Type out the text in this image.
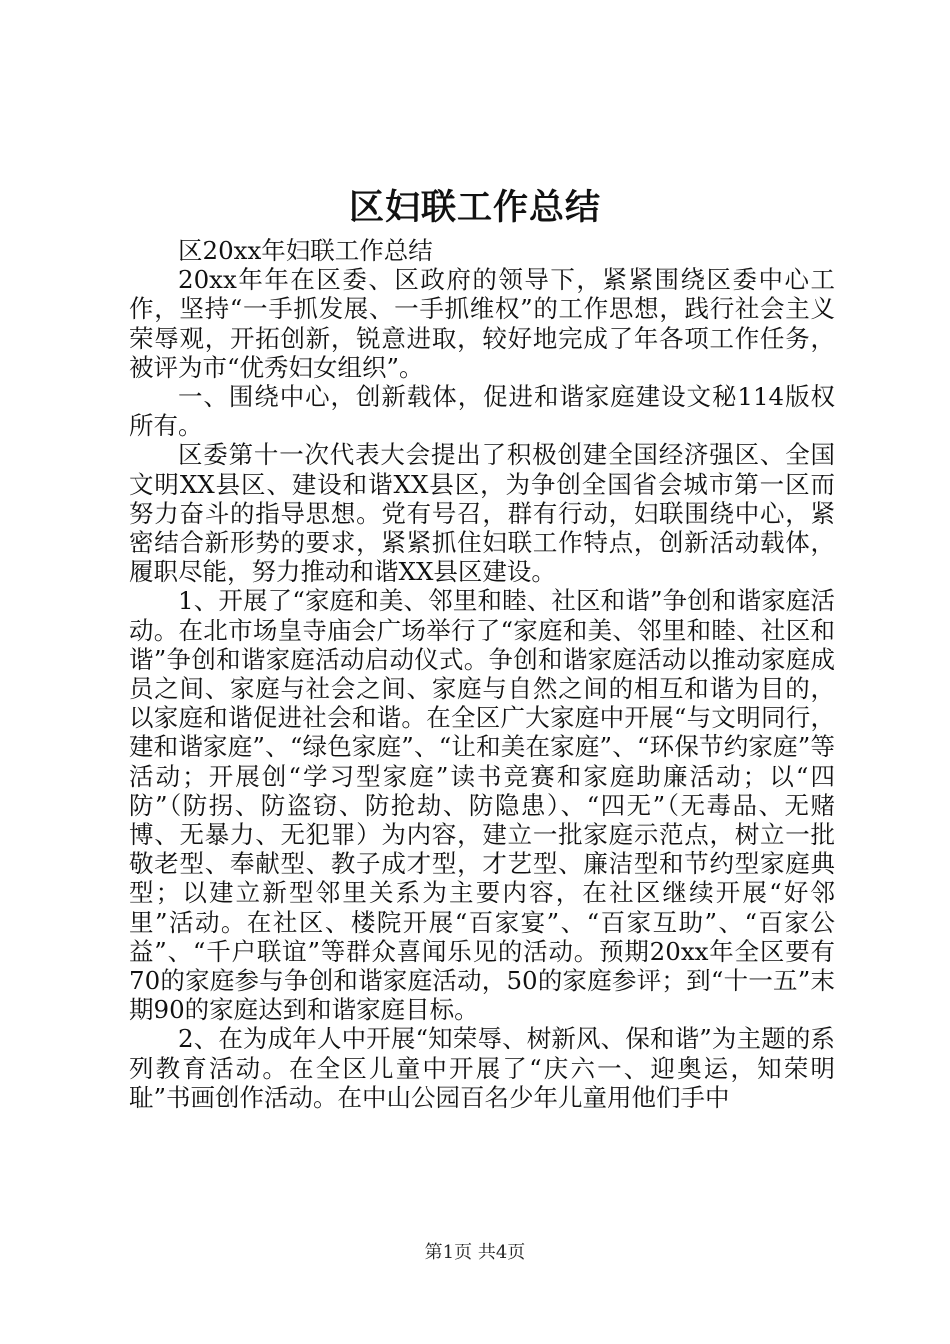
区妇联工作总结

区20xx年妇联工作总结

20xx年年在区委、区政府的领导下，紧紧围绕区委中心工作，坚持“一手抓发展、一手抓维权”的工作思想，践行社会主义荣辱观，开拓创新，锐意进取，较好地完成了年各项工作任务，被评为市“优秀妇女组织”。

一、围绕中心，创新载体，促进和谐家庭建设文秘114版权所有。

区委第十一次代表大会提出了积极创建全国经济强区、全国文明XX县区、建设和谐XX县区，为争创全国省会城市第一区而努力奋斗的指导思想。党有号召，群有行动，妇联围绕中心，紧密结合新形势的要求，紧紧抓住妇联工作特点，创新活动载体，履职尽能，努力推动和谐XX县区建设。

1、开展了“家庭和美、邻里和睦、社区和谐”争创和谐家庭活动。在北市场皇寺庙会广场举行了“家庭和美、邻里和睦、社区和谐”争创和谐家庭活动启动仪式。争创和谐家庭活动以推动家庭成员之间、家庭与社会之间、家庭与自然之间的相互和谐为目的，以家庭和谐促进社会和谐。在全区广大家庭中开展“与文明同行，建和谐家庭”、“绿色家庭”、“让和美在家庭”、“环保节约家庭”等活动；开展创“学习型家庭”读书竞赛和家庭助廉活动；以“四防”（防拐、防盗窃、防抢劫、防隐患）、“四无”（无毒品、无赌博、无暴力、无犯罪）为内容，建立一批家庭示范点，树立一批敬老型、奉献型、教子成才型，才艺型、廉洁型和节约型家庭典型；以建立新型邻里关系为主要内容，在社区继续开展“好邻里”活动。在社区、楼院开展“百家宴”、“百家互助”、“百家公益”、“千户联谊”等群众喜闻乐见的活动。预期20xx年全区要有70的家庭参与争创和谐家庭活动，50的家庭参评；到“十一五”末期90的家庭达到和谐家庭目标。

2、在为成年人中开展“知荣辱、树新风、保和谐”为主题的系列教育活动。在全区儿童中开展了“庆六一、迎奥运，知荣明耻”书画创作活动。在中山公园百名少年儿童用他们手中

第1页 共4页
